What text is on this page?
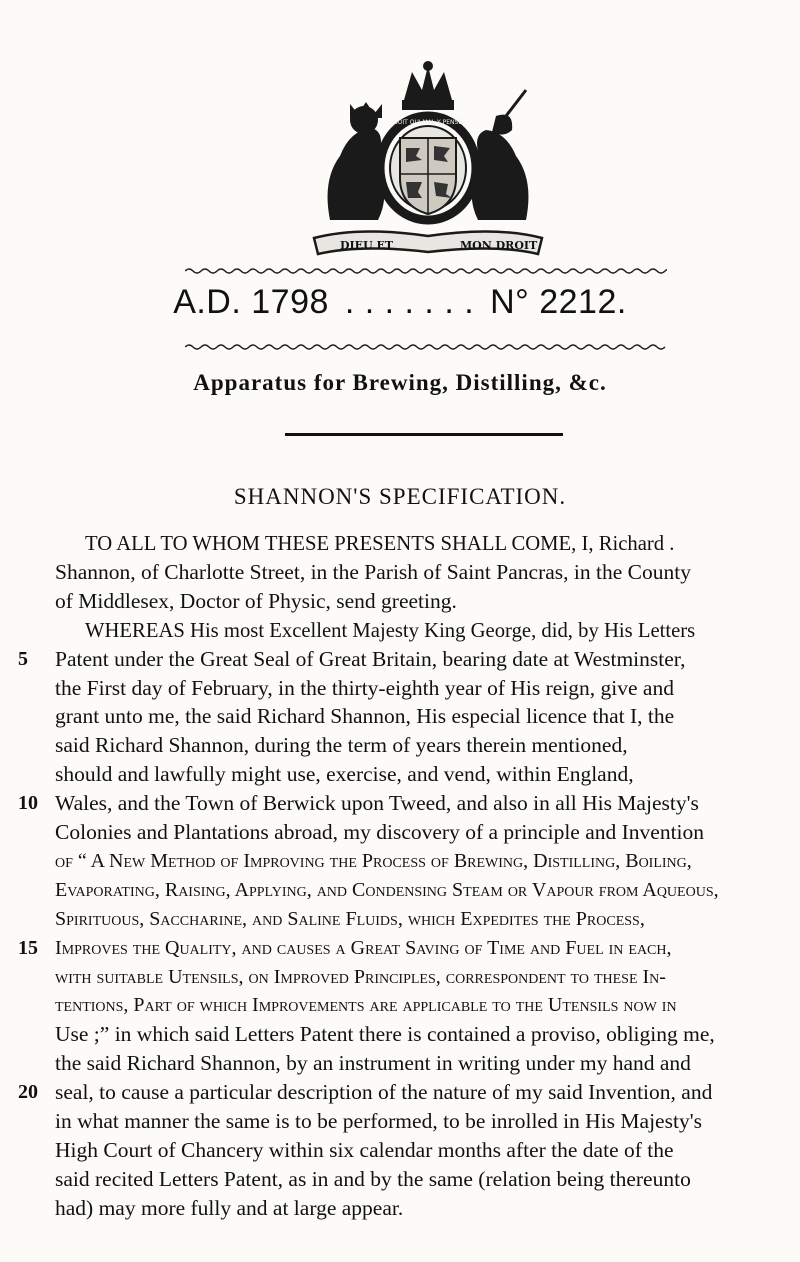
DIEU ET	MON DROIT
SOIT QUI MAL Y PENSE
A.D. 1798 . . . . . . . N° 2212.
Apparatus for Brewing, Distilling, &c.
SHANNON'S SPECIFICATION.
TO ALL TO WHOM THESE PRESENTS SHALL COME, I, Richard .
Shannon, of Charlotte Street, in the Parish of Saint Pancras, in the County
of Middlesex, Doctor of Physic, send greeting.
WHEREAS His most Excellent Majesty King George, did, by His Letters
5 Patent under the Great Seal of Great Britain, bearing date at Westminster,
the First day of February, in the thirty-eighth year of His reign, give and
grant unto me, the said Richard Shannon, His especial licence that I, the
said Richard Shannon, during the term of years therein mentioned,
should and lawfully might use, exercise, and vend, within England,
10 Wales, and the Town of Berwick upon Tweed, and also in all His Majesty's
Colonies and Plantations abroad, my discovery of a principle and Invention
of “ A New Method of Improving the Process of Brewing, Distilling, Boiling,
Evaporating, Raising, Applying, and Condensing Steam or Vapour from Aqueous,
Spirituous, Saccharine, and Saline Fluids, which Expedites the Process,
15 Improves the Quality, and causes a Great Saving of Time and Fuel in each,
with suitable Utensils, on Improved Principles, correspondent to these In-
tentions, Part of which Improvements are applicable to the Utensils now in
Use ;” in which said Letters Patent there is contained a proviso, obliging me,
the said Richard Shannon, by an instrument in writing under my hand and
20 seal, to cause a particular description of the nature of my said Invention, and
in what manner the same is to be performed, to be inrolled in His Majesty's
High Court of Chancery within six calendar months after the date of the
said recited Letters Patent, as in and by the same (relation being thereunto
had) may more fully and at large appear.
